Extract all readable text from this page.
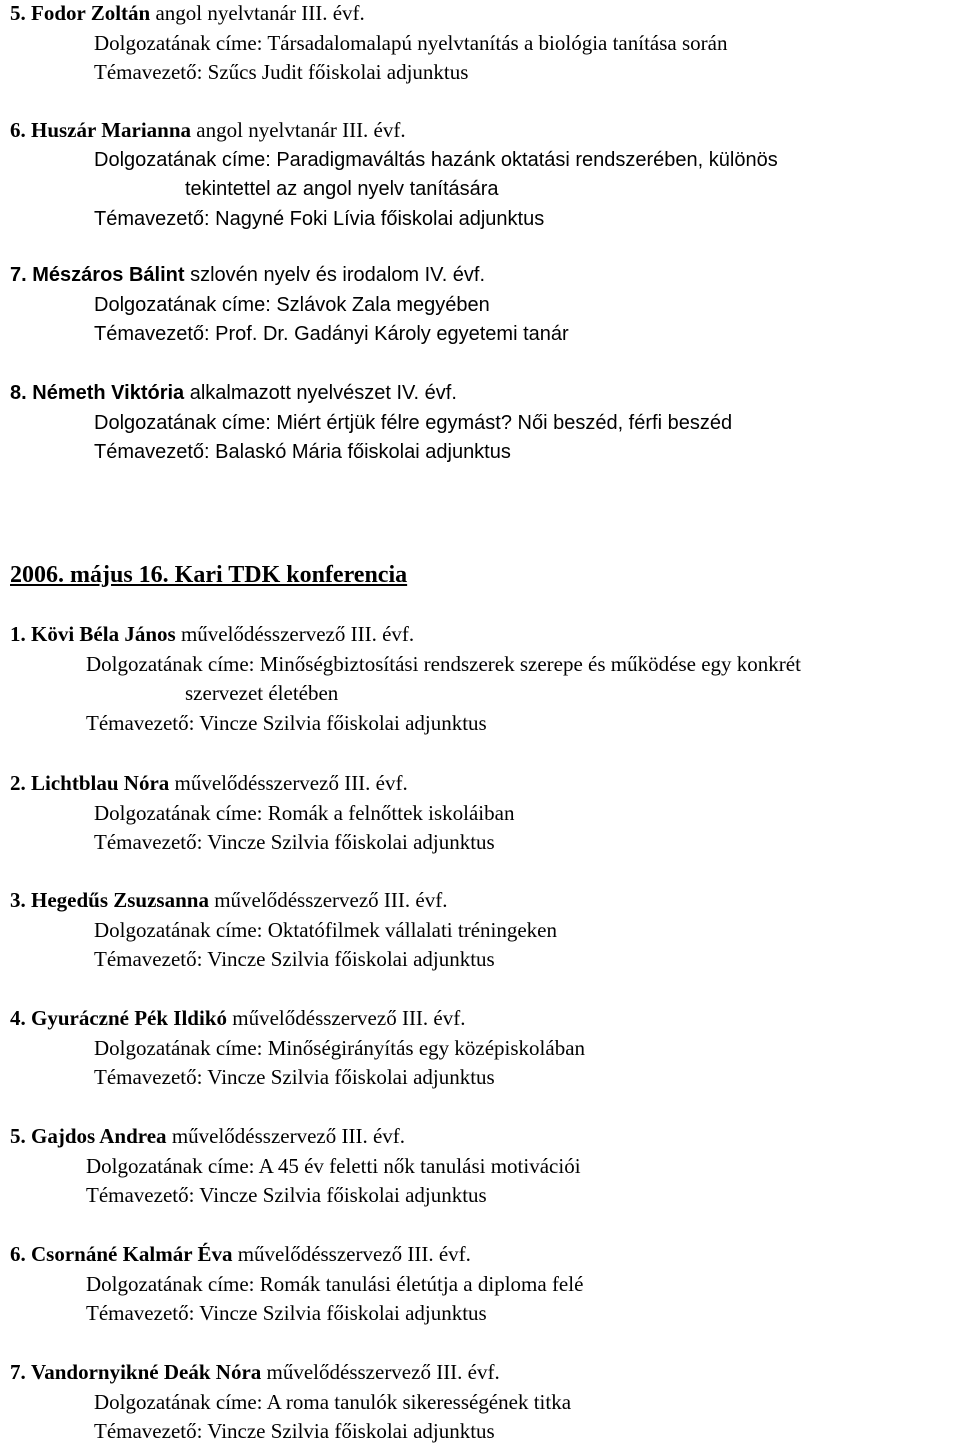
5. Fodor Zoltán angol nyelvtanár III. évf.
Dolgozatának címe: Társadalomalapú nyelvtanítás a biológia tanítása során
Témavezető: Szűcs Judit főiskolai adjunktus
6. Huszár Marianna angol nyelvtanár III. évf.
Dolgozatának címe: Paradigmaváltás hazánk oktatási rendszerében, különös
tekintettel az angol nyelv tanítására
Témavezető: Nagyné Foki Lívia főiskolai adjunktus
7. Mészáros Bálint szlovén nyelv és irodalom IV. évf.
Dolgozatának címe: Szlávok Zala megyében
Témavezető: Prof. Dr. Gadányi Károly egyetemi tanár
8. Németh Viktória alkalmazott nyelvészet IV. évf.
Dolgozatának címe: Miért értjük félre egymást? Női beszéd, férfi beszéd
Témavezető: Balaskó Mária főiskolai adjunktus
2006. május 16. Kari TDK konferencia
1. Kövi Béla János művelődésszervező III. évf.
Dolgozatának címe: Minőségbiztosítási rendszerek szerepe és működése egy konkrét
szervezet életében
Témavezető: Vincze Szilvia főiskolai adjunktus
2. Lichtblau Nóra művelődésszervező III. évf.
Dolgozatának címe: Romák a felnőttek iskoláiban
Témavezető: Vincze Szilvia főiskolai adjunktus
3. Hegedűs Zsuzsanna művelődésszervező III. évf.
Dolgozatának címe: Oktatófilmek vállalati tréningeken
Témavezető: Vincze Szilvia főiskolai adjunktus
4. Gyuráczné Pék Ildikó művelődésszervező III. évf.
Dolgozatának címe: Minőségirányítás egy középiskolában
Témavezető: Vincze Szilvia főiskolai adjunktus
5. Gajdos Andrea művelődésszervező III. évf.
Dolgozatának címe: A 45 év feletti nők tanulási motivációi
Témavezető: Vincze Szilvia főiskolai adjunktus
6. Csornáné Kalmár Éva művelődésszervező III. évf.
Dolgozatának címe: Romák tanulási életútja a diploma felé
Témavezető: Vincze Szilvia főiskolai adjunktus
7. Vandornyikné Deák Nóra művelődésszervező III. évf.
Dolgozatának címe: A roma tanulók sikerességének titka
Témavezető: Vincze Szilvia főiskolai adjunktus
